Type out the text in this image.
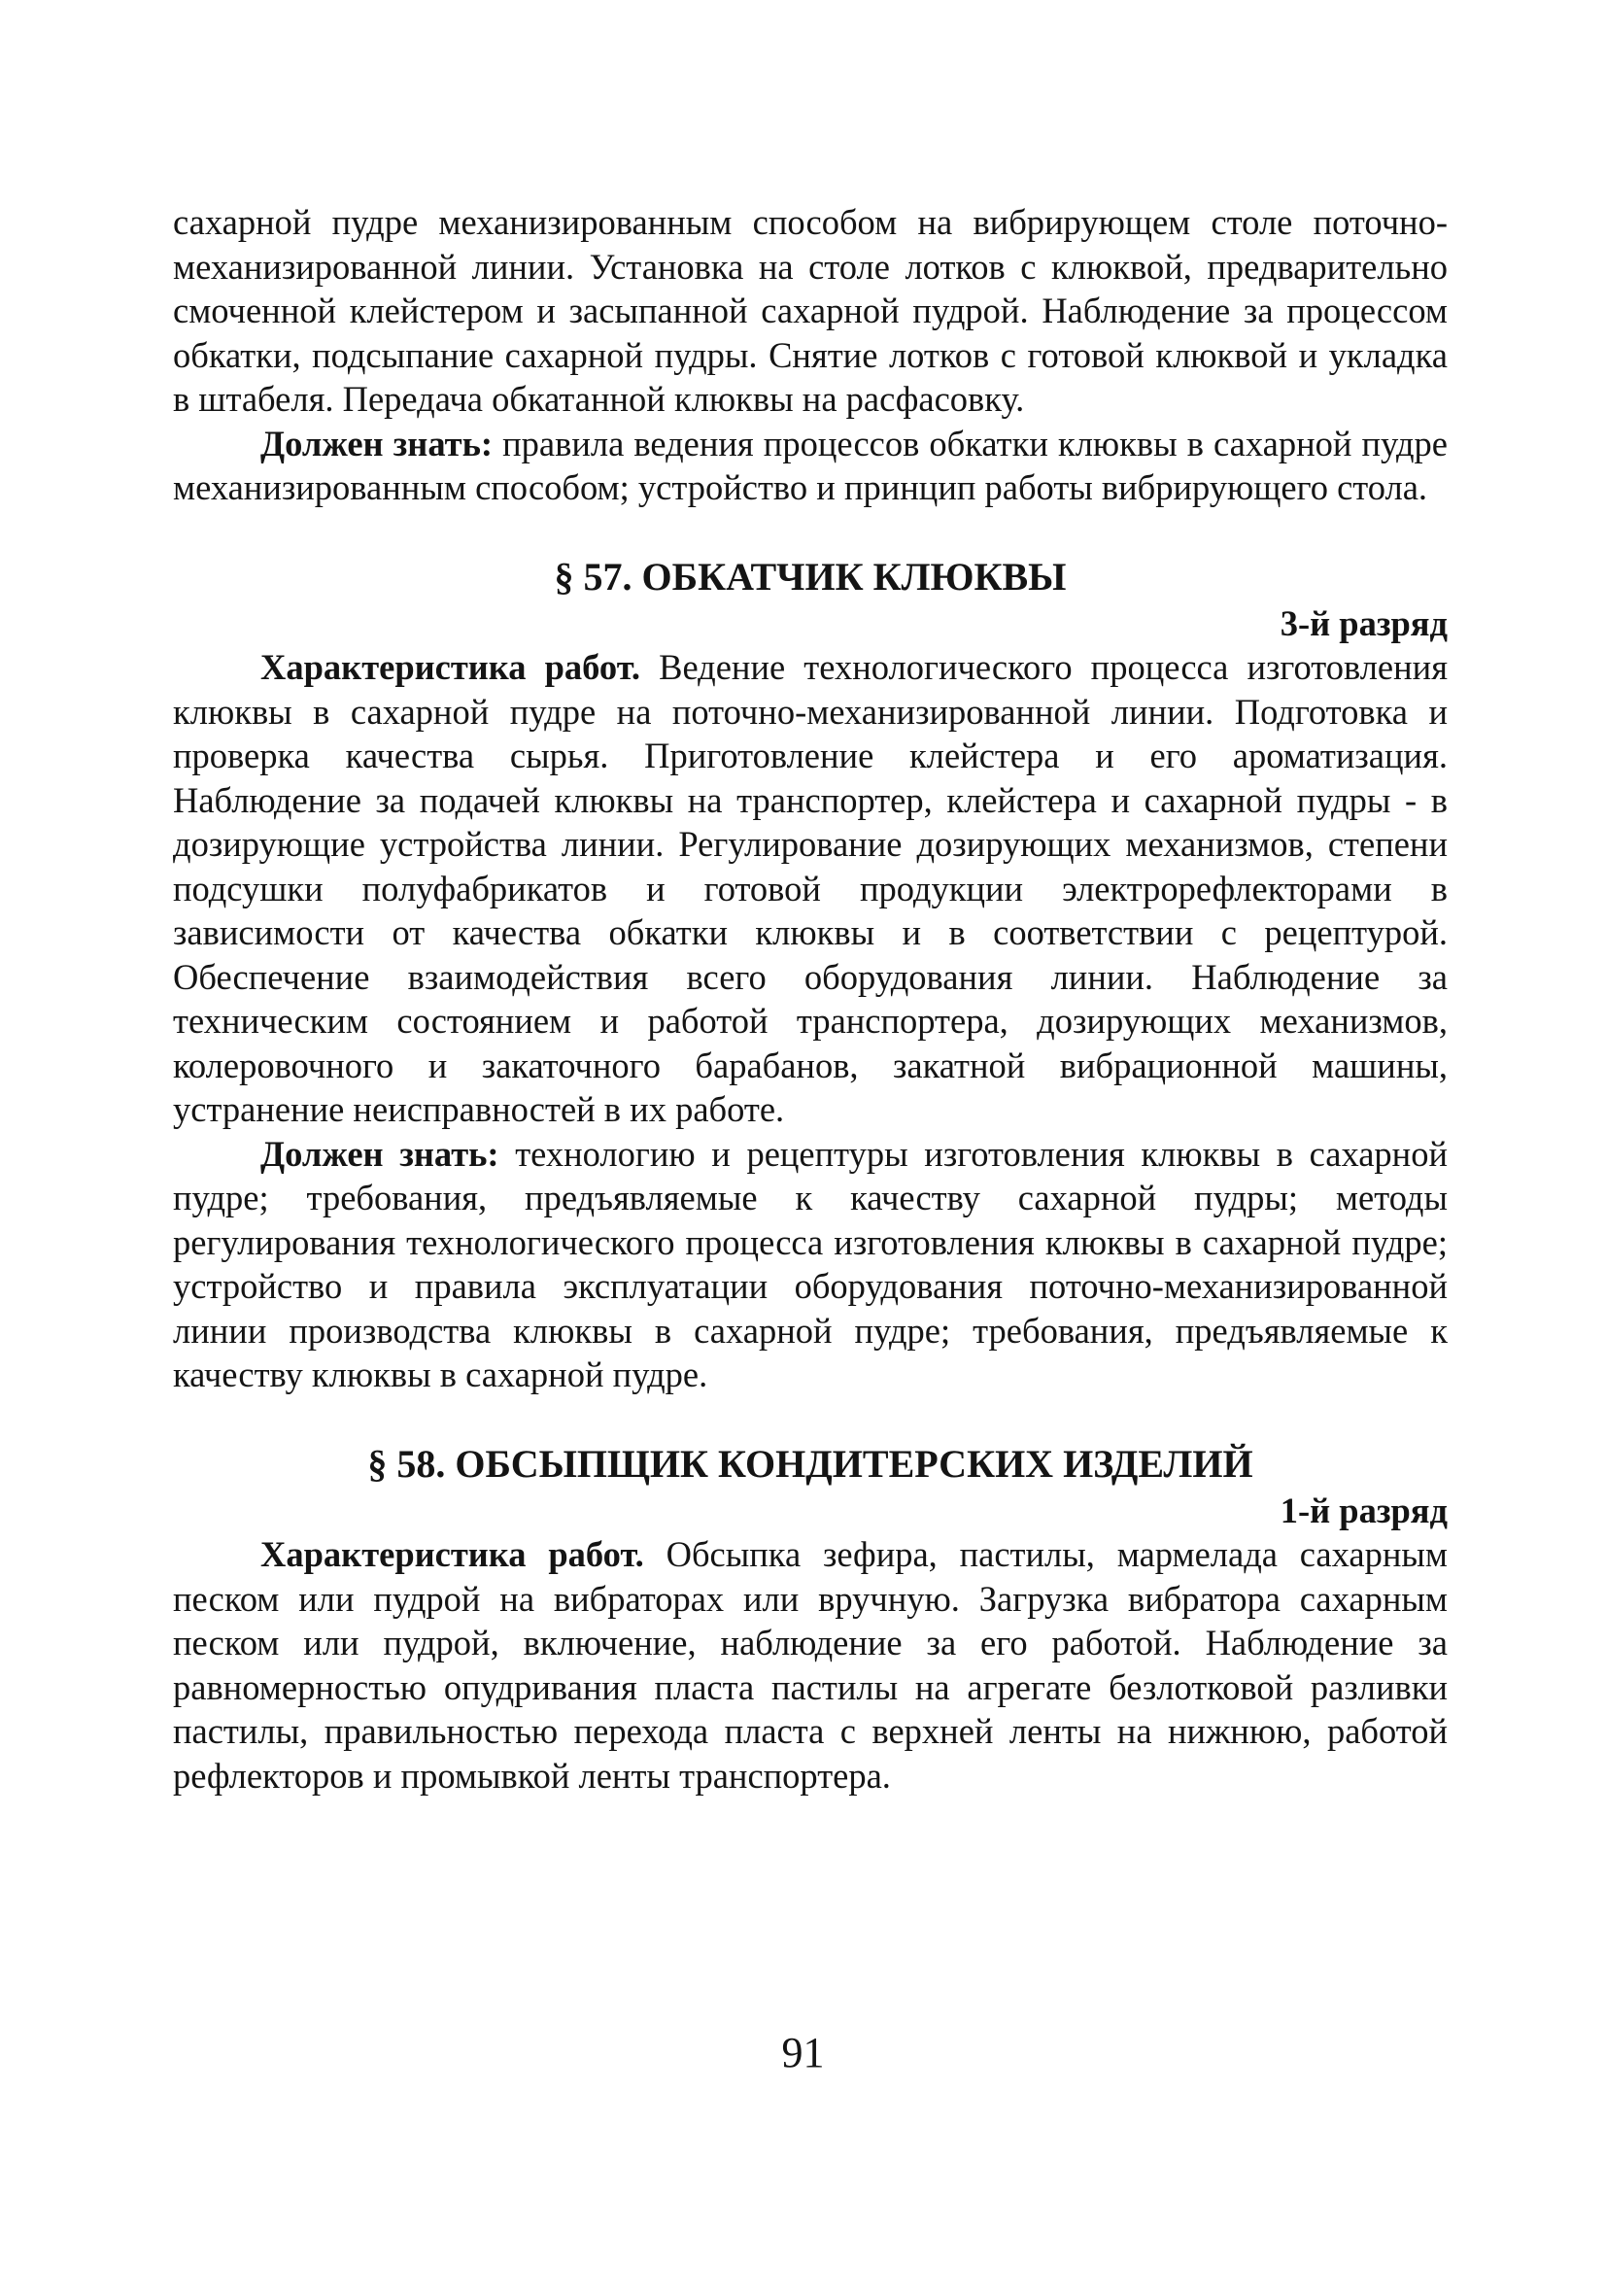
сахарной пудре механизированным способом на вибрирующем столе поточно-механизированной линии. Установка на столе лотков с клюквой, предварительно смоченной клейстером и засыпанной сахарной пудрой. Наблюдение за процессом обкатки, подсыпание сахарной пудры. Снятие лотков с готовой клюквой и укладка в штабеля. Передача обкатанной клюквы на расфасовку.

Должен знать: правила ведения процессов обкатки клюквы в сахарной пудре механизированным способом; устройство и принцип работы вибрирующего стола.

§ 57. ОБКАТЧИК КЛЮКВЫ
3-й разряд

Характеристика работ. Ведение технологического процесса изготовления клюквы в сахарной пудре на поточно-механизированной линии. Подготовка и проверка качества сырья. Приготовление клейстера и его ароматизация. Наблюдение за подачей клюквы на транспортер, клейстера и сахарной пудры - в дозирующие устройства линии. Регулирование дозирующих механизмов, степени подсушки полуфабрикатов и готовой продукции электрорефлекторами в зависимости от качества обкатки клюквы и в соответствии с рецептурой. Обеспечение взаимодействия всего оборудования линии. Наблюдение за техническим состоянием и работой транспортера, дозирующих механизмов, колеровочного и закаточного барабанов, закатной вибрационной машины, устранение неисправностей в их работе.

Должен знать: технологию и рецептуры изготовления клюквы в сахарной пудре; требования, предъявляемые к качеству сахарной пудры; методы регулирования технологического процесса изготовления клюквы в сахарной пудре; устройство и правила эксплуатации оборудования поточно-механизированной линии производства клюквы в сахарной пудре; требования, предъявляемые к качеству клюквы в сахарной пудре.

§ 58. ОБСЫПЩИК КОНДИТЕРСКИХ ИЗДЕЛИЙ
1-й разряд

Характеристика работ. Обсыпка зефира, пастилы, мармелада сахарным песком или пудрой на вибраторах или вручную. Загрузка вибратора сахарным песком или пудрой, включение, наблюдение за его работой. Наблюдение за равномерностью опудривания пласта пастилы на агрегате безлотковой разливки пастилы, правильностью перехода пласта с верхней ленты на нижнюю, работой рефлекторов и промывкой ленты транспортера.

91
